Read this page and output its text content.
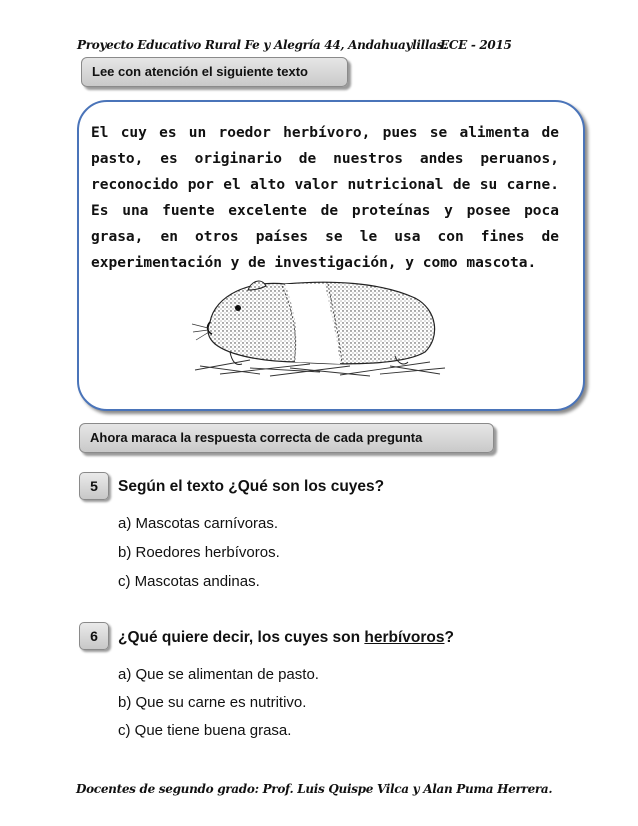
Proyecto Educativo Rural Fe y Alegría 44, Andahuaylillas.
ECE - 2015
Lee con atención el siguiente texto
El cuy es un roedor herbívoro, pues se alimenta de pasto, es originario de nuestros andes peruanos, reconocido por el alto valor nutricional de su carne. Es una fuente excelente de proteínas y posee poca grasa, en otros países se le usa con fines de experimentación y de investigación, y como mascota.
Ahora maraca la respuesta correcta de cada pregunta
5	Según el texto ¿Qué son los cuyes?
a) Mascotas carnívoras.
b) Roedores herbívoros.
c) Mascotas andinas.
6	¿Qué quiere decir, los cuyes son herbívoros?
a) Que se alimentan de pasto.
b) Que su carne es nutritivo.
c) Que tiene buena grasa.
Docentes de segundo grado: Prof. Luis Quispe Vilca y Alan Puma Herrera.
